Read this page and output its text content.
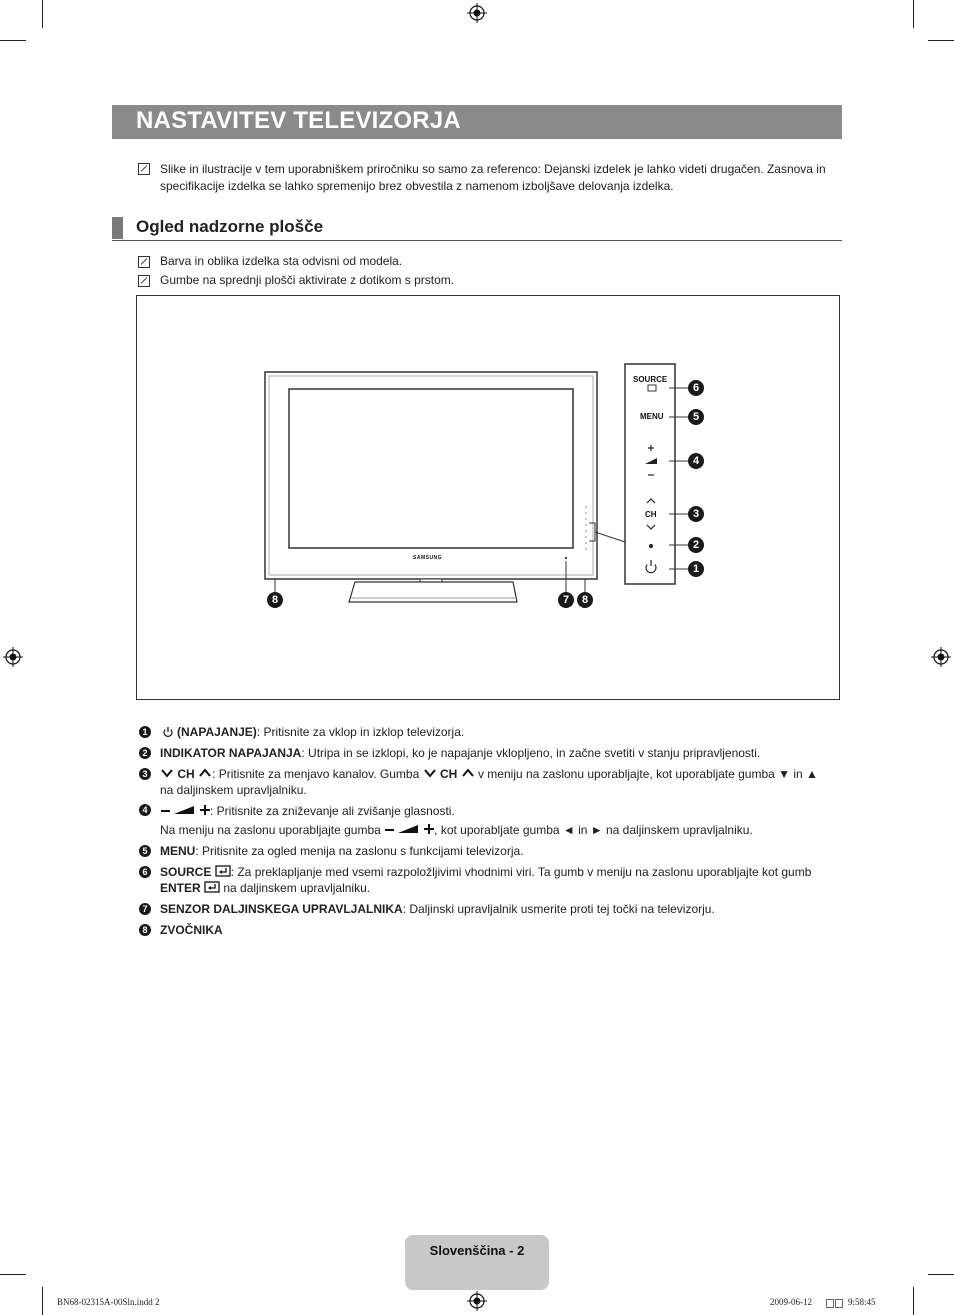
NASTAVITEV TELEVIZORJA
Slike in ilustracije v tem uporabniškem priročniku so samo za referenco: Dejanski izdelek je lahko videti drugačen. Zasnova in specifikacije izdelka se lahko spremenijo brez obvestila z namenom izboljšave delovanja izdelka.
Ogled nadzorne plošče
Barva in oblika izdelka sta odvisni od modela.
Gumbe na sprednji plošči aktivirate z dotikom s prstom.
SAMSUNG
SOURCE
MENU
CH
6
5
4
3
2
1
8	7	8
1	(NAPAJANJE): Pritisnite za vklop in izklop televizorja.
2 INDIKATOR NAPAJANJA: Utripa in se izklopi, ko je napajanje vklopljeno, in začne svetiti v stanju pripravljenosti.
3	CH : Pritisnite za menjavo kanalov. Gumba CH v meniju na zaslonu uporabljajte, kot uporabljate gumba ▼ in ▲
na daljinskem upravljalniku.
4	: Pritisnite za zniževanje ali zvišanje glasnosti.
Na meniju na zaslonu uporabljajte gumba	, kot uporabljate gumba ◄ in ► na daljinskem upravljalniku.
5 MENU: Pritisnite za ogled menija na zaslonu s funkcijami televizorja.
6 SOURCE : Za preklapljanje med vsemi razpoložljivimi vhodnimi viri. Ta gumb v meniju na zaslonu uporabljajte kot gumb
ENTER na daljinskem upravljalniku.
7 SENZOR DALJINSKEGA UPRAVLJALNIKA: Daljinski upravljalnik usmerite proti tej točki na televizorju.
8 ZVOČNIKA
Slovenščina - 2
BN68-02315A-00Sln.indd 2	2009-06-12	9:58:45
